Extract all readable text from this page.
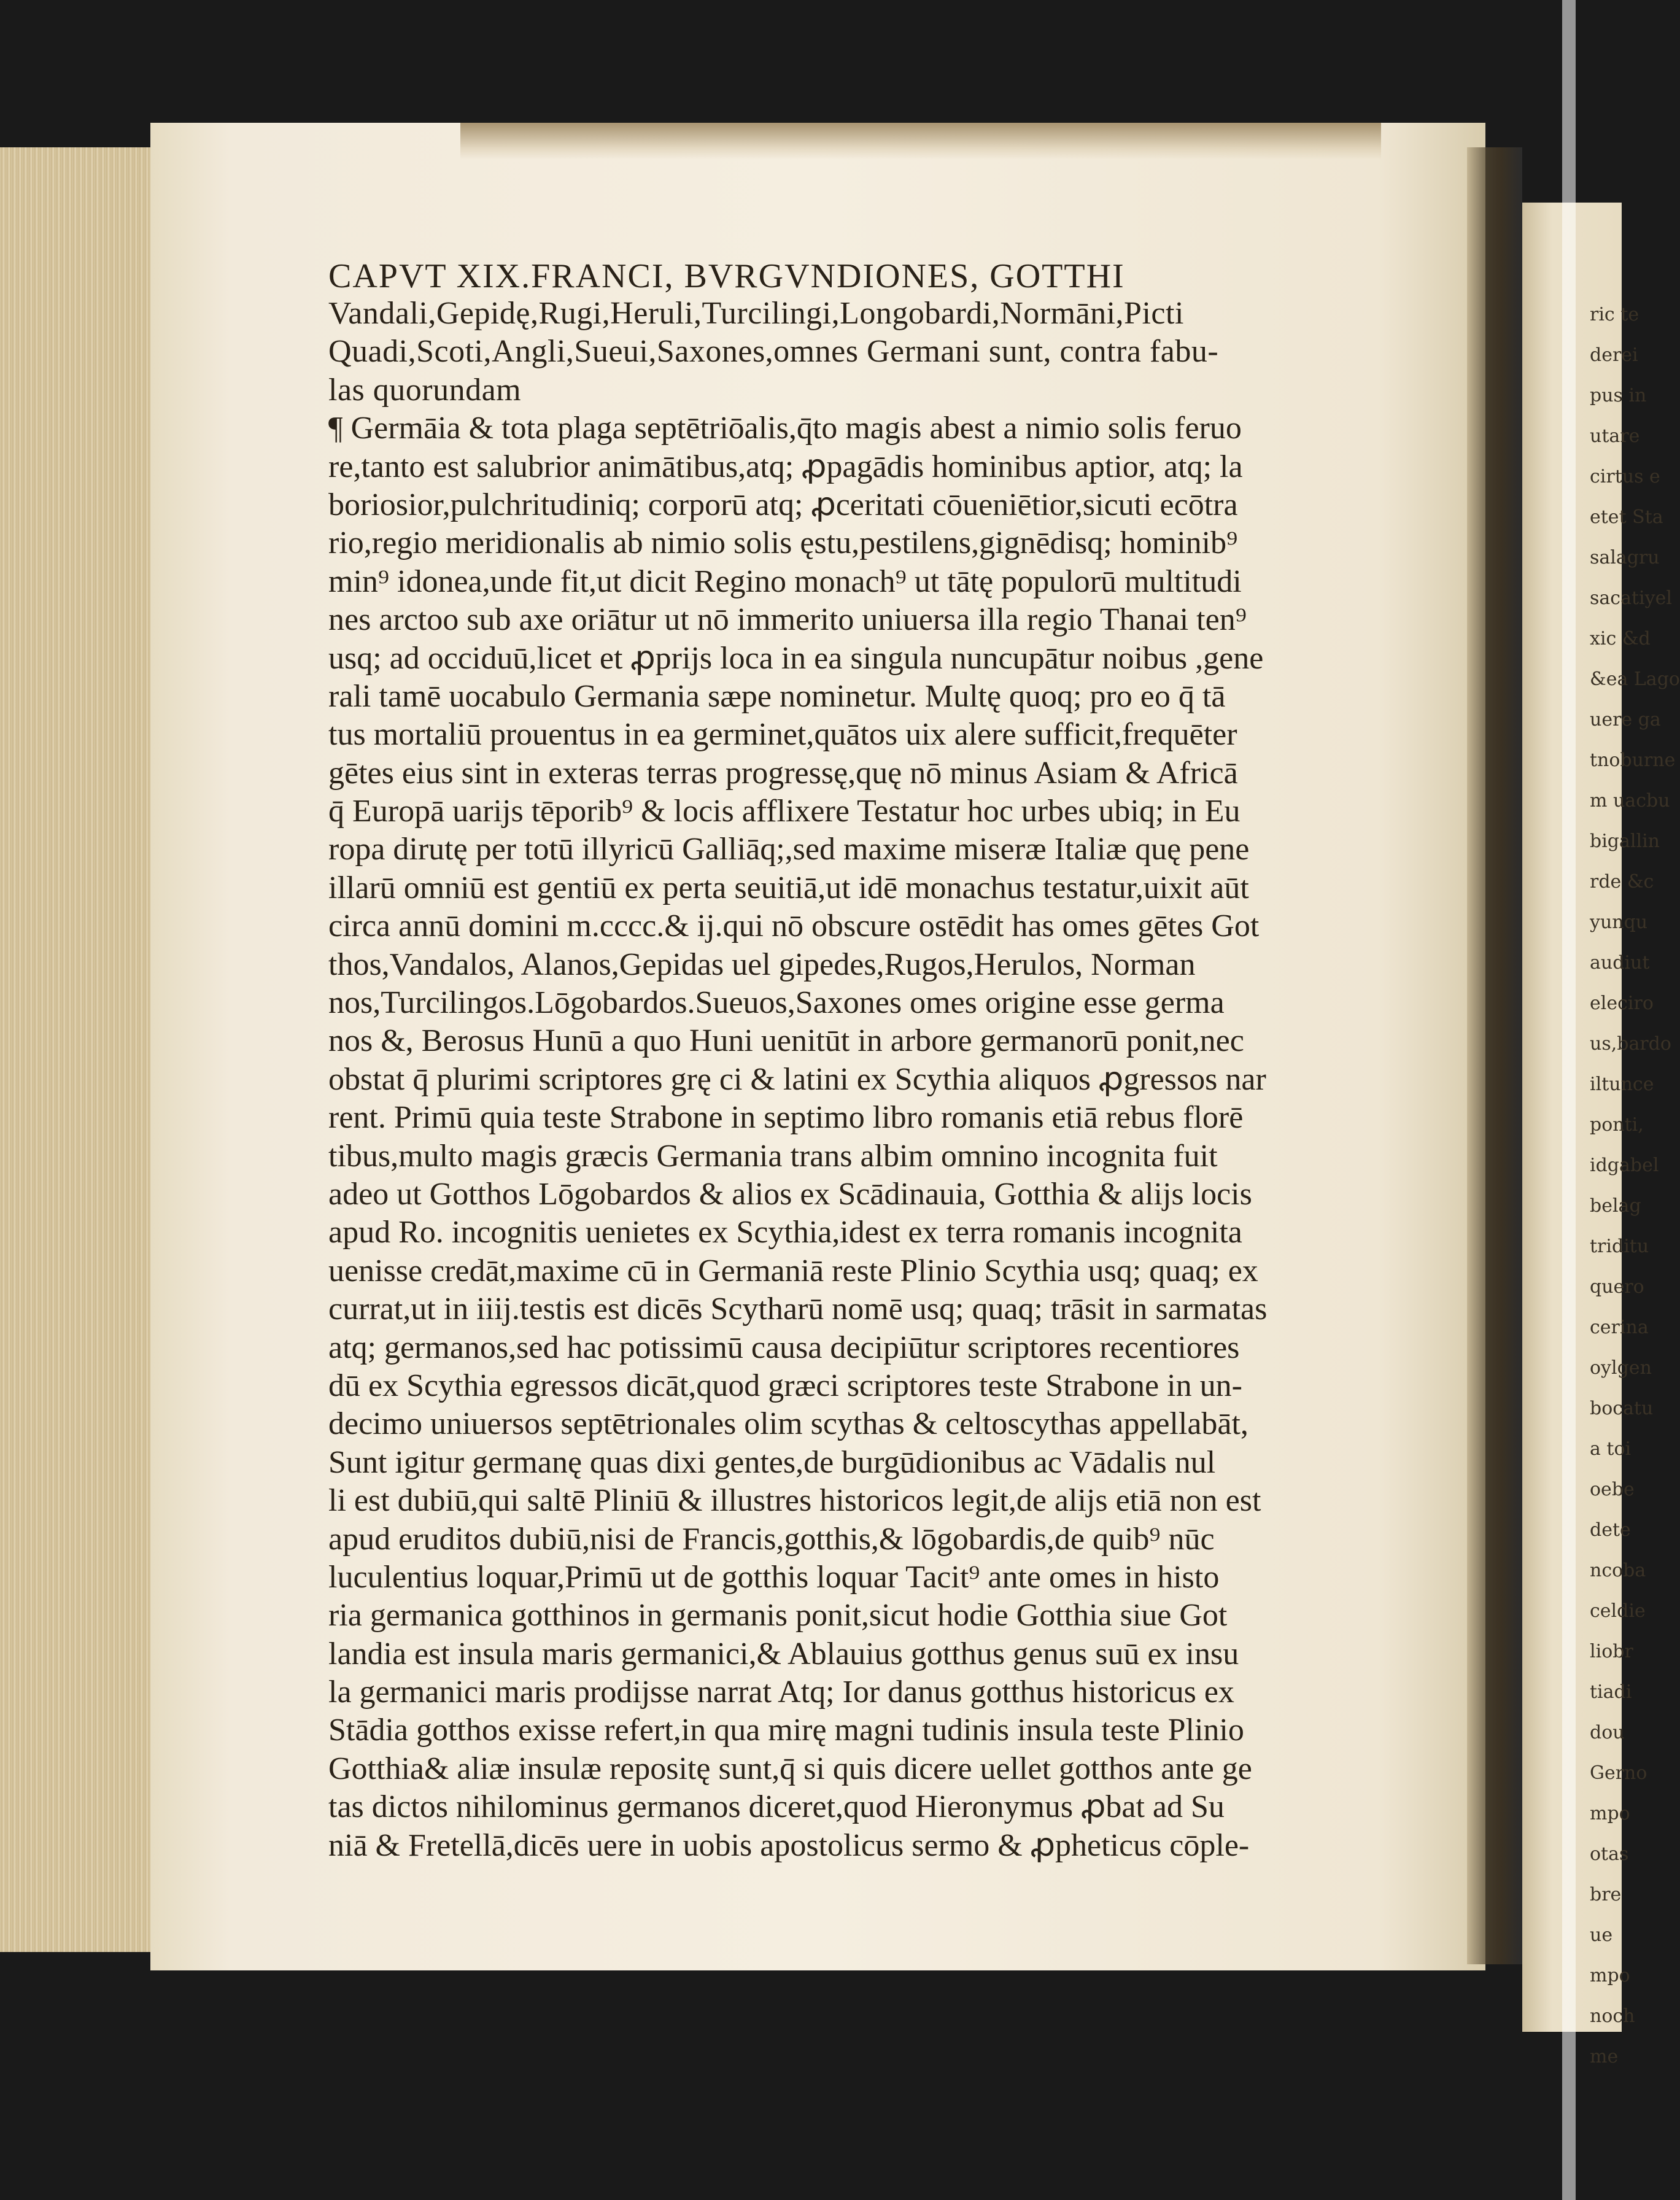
ric te
derei
pus in
utare
cirtus e
etet Sta
salagru
sacatiyel
xic &d
&ea Lago
uere ga
tnoburne
m uacbu
bigallin
rde &c
yunqu
audiut
eleciro
us,bardo
iltunce
ponti,
idgabel
belag
triditu
quero
cerina
oylgen
bocatu
a toi
oebe
dete
ncoba
celdie
liobr
tiadi
dou
Gerno
mpo
otas
bre
ue
mpo
noch
me
CAPVT XIX.FRANCI, BVRGVNDIONES, GOTTHI
Vandali,Gepidę,Rugi,Heruli,Turcilingi,Longobardi,Normāni,Picti
Quadi,Scoti,Angli,Sueui,Saxones,omnes Germani sunt, contra fabu-
las quorundam
¶ Germāia & tota plaga septētriōalis,q̄to magis abest a nimio solis feruo
re,tanto est salubrior animātibus,atq; ꝓpagādis hominibus aptior, atq; la
boriosior,pulchritudiniq; corporū atq; ꝓceritati cōueniētior,sicuti ecōtra
rio,regio meridionalis ab nimio solis ęstu,pestilens,gignēdisq; hominib⁹
min⁹ idonea,unde fit,ut dicit Regino monach⁹ ut tātę populorū multitudi
nes arctoo sub axe oriātur ut nō immerito uniuersa illa regio Thanai ten⁹
usq; ad occiduū,licet et ꝓprijs loca in ea singula nuncupātur noibus ,gene
rali tamē uocabulo Germania sæpe nominetur. Multę quoq; pro eo q̄ tā
tus mortaliū prouentus in ea germinet,quātos uix alere sufficit,frequēter
gētes eius sint in exteras terras progressę,quę nō minus Asiam & Africā
q̄ Europā uarijs tēporib⁹ & locis afflixere Testatur hoc urbes ubiq; in Eu
ropa dirutę per totū illyricū Galliāq;,sed maxime miseræ Italiæ quę pene
illarū omniū est gentiū ex perta seuitiā,ut idē monachus testatur,uixit aūt
circa annū domini m.cccc.& ij.qui nō obscure ostēdit has omes gētes Got
thos,Vandalos, Alanos,Gepidas uel gipedes,Rugos,Herulos, Norman
nos,Turcilingos.Lōgobardos.Sueuos,Saxones omes origine esse germa
nos &, Berosus Hunū a quo Huni uenitūt in arbore germanorū ponit,nec
obstat q̄ plurimi scriptores grę ci & latini ex Scythia aliquos ꝓgressos nar
rent. Primū quia teste Strabone in septimo libro romanis etiā rebus florē
tibus,multo magis græcis Germania trans albim omnino incognita fuit
adeo ut Gotthos Lōgobardos & alios ex Scādinauia, Gotthia & alijs locis
apud Ro. incognitis uenietes ex Scythia,idest ex terra romanis incognita
uenisse credāt,maxime cū in Germaniā reste Plinio Scythia usq; quaq; ex
currat,ut in iiij.testis est dicēs Scytharū nomē usq; quaq; trāsit in sarmatas
atq; germanos,sed hac potissimū causa decipiūtur scriptores recentiores
dū ex Scythia egressos dicāt,quod græci scriptores teste Strabone in un-
decimo uniuersos septētrionales olim scythas & celtoscythas appellabāt,
Sunt igitur germanę quas dixi gentes,de burgūdionibus ac Vādalis nul
li est dubiū,qui saltē Pliniū & illustres historicos legit,de alijs etiā non est
apud eruditos dubiū,nisi de Francis,gotthis,& lōgobardis,de quib⁹ nūc
luculentius loquar,Primū ut de gotthis loquar Tacit⁹ ante omes in histo
ria germanica gotthinos in germanis ponit,sicut hodie Gotthia siue Got
landia est insula maris germanici,& Ablauius gotthus genus suū ex insu
la germanici maris prodijsse narrat Atq; Ior danus gotthus historicus ex
Stādia gotthos exisse refert,in qua mirę magni tudinis insula teste Plinio
Gotthia& aliæ insulæ repositę sunt,q̄ si quis dicere uellet gotthos ante ge
tas dictos nihilominus germanos diceret,quod Hieronymus ꝓbat ad Su
niā & Fretellā,dicēs uere in uobis apostolicus sermo & ꝓpheticus cōple-
